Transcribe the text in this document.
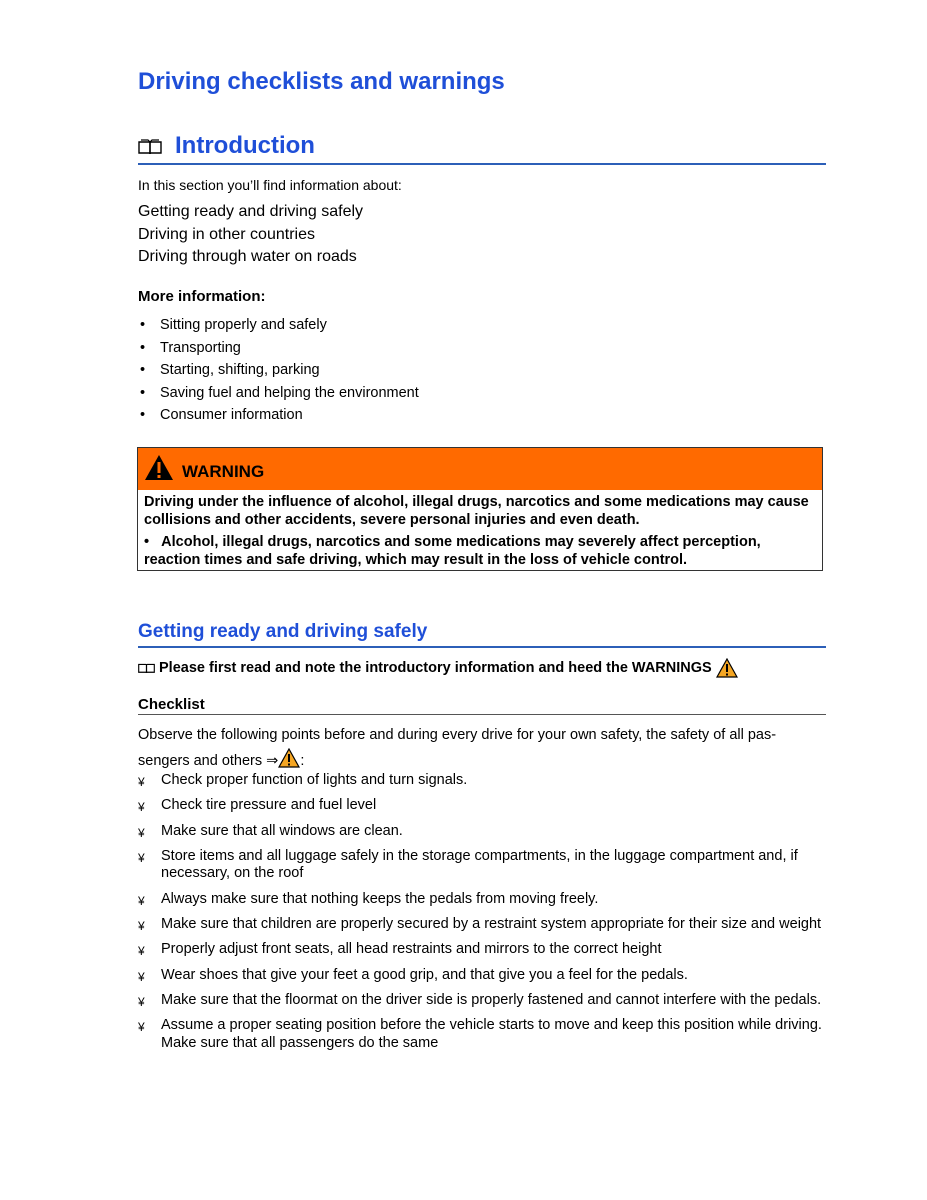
Driving checklists and warnings
Introduction
In this section you’ll find information about:
Getting ready and driving safely
Driving in other countries
Driving through water on roads
More information:
• Sitting properly and safely
• Transporting
• Starting, shifting, parking
• Saving fuel and helping the environment
• Consumer information
WARNING

Driving under the influence of alcohol, illegal drugs, narcotics and some medications may cause collisions and other accidents, severe personal injuries and even death.

• Alcohol, illegal drugs, narcotics and some medications may severely affect perception, reaction times and safe driving, which may result in the loss of vehicle control.

Getting ready and driving safely
Please first read and note the introductory information and heed the WARNINGS
Checklist
Observe the following points before and during every drive for your own safety, the safety of all pas-sengers and others ⇒ :
¥ Check proper function of lights and turn signals.
¥ Check tire pressure and fuel level
¥ Make sure that all windows are clean.
¥ Store items and all luggage safely in the storage compartments, in the luggage compartment and, if necessary, on the roof
¥ Always make sure that nothing keeps the pedals from moving freely.
¥ Make sure that children are properly secured by a restraint system appropriate for their size and weight
¥ Properly adjust front seats, all head restraints and mirrors to the correct height
¥ Wear shoes that give your feet a good grip, and that give you a feel for the pedals.
¥ Make sure that the floormat on the driver side is properly fastened and cannot interfere with the pedals.
¥ Assume a proper seating position before the vehicle starts to move and keep this position while driving. Make sure that all passengers do the same
